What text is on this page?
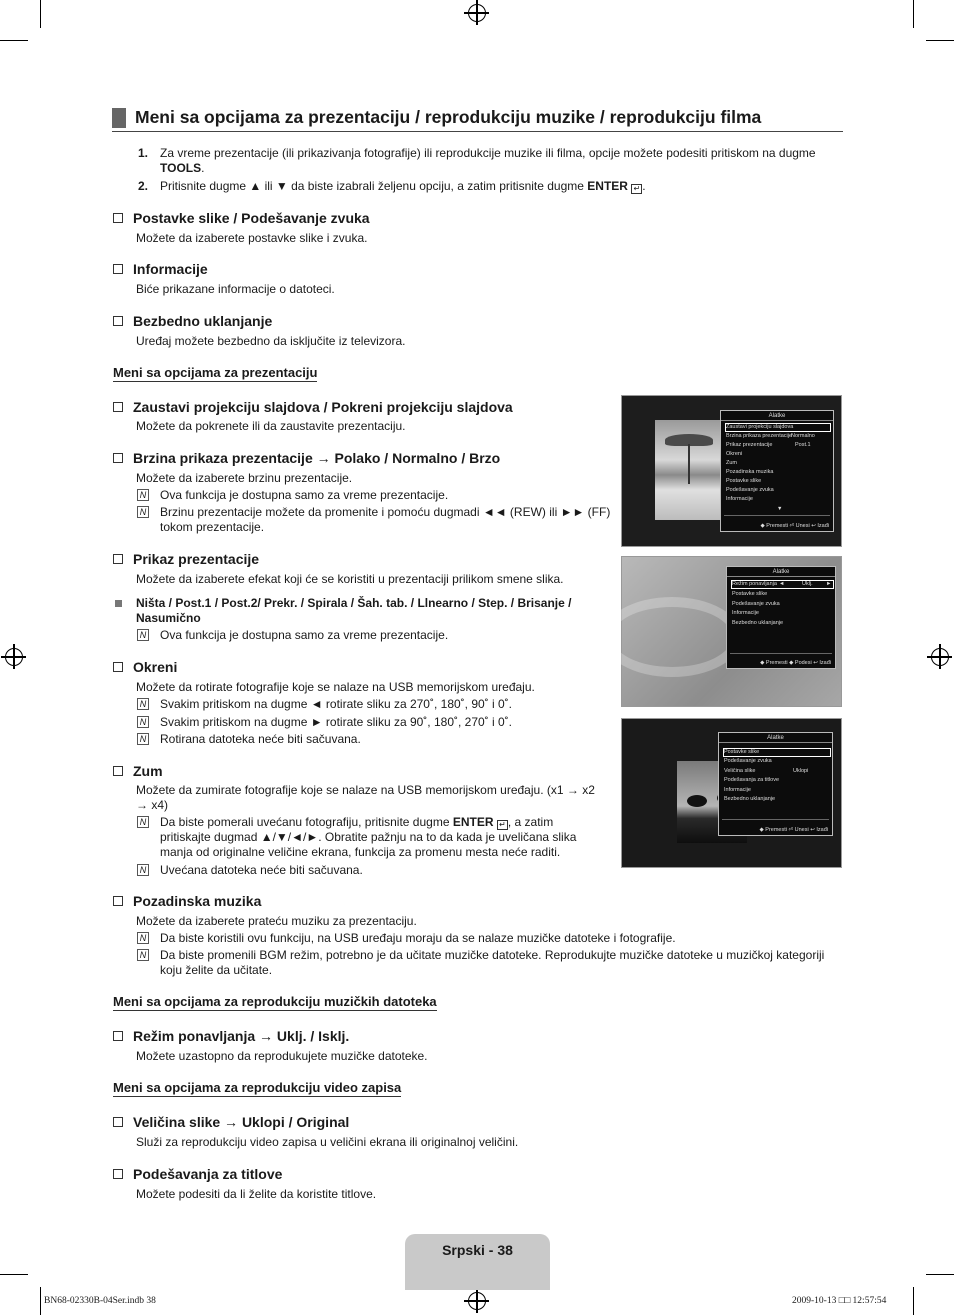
Meni sa opcijama za prezentaciju / reprodukciju muzike / reprodukciju filma
1. Za vreme prezentacije (ili prikazivanja fotografije) ili reprodukcije muzike ili filma, opcije možete podesiti pritiskom na dugme
TOOLS.
2. Pritisnite dugme ▲ ili ▼ da biste izabrali željenu opciju, a zatim pritisnite dugme ENTER ↵ .
Postavke slike / Podešavanje zvuka
Možete da izaberete postavke slike i zvuka.
Informacije
Biće prikazane informacije o datoteci.
Bezbedno uklanjanje
Uređaj možete bezbedno da isključite iz televizora.
Meni sa opcijama za prezentaciju
Zaustavi projekciju slajdova / Pokreni projekciju slajdova
Možete da pokrenete ili da zaustavite prezentaciju.
Brzina prikaza prezentacije → Polako / Normalno / Brzo
Možete da izaberete brzinu prezentacije.
N Ova funkcija je dostupna samo za vreme prezentacije.
N Brzinu prezentacije možete da promenite i pomoću dugmadi ◄◄ (REW) ili ►► (FF)
tokom prezentacije.
Prikaz prezentacije
Možete da izaberete efekat koji će se koristiti u prezentaciji prilikom smene slika.
Ništa / Post.1 / Post.2/ Prekr. / Spirala / Šah. tab. / Llnearno / Step. / Brisanje /
Nasumično
N Ova funkcija je dostupna samo za vreme prezentacije.
Okreni
Možete da rotirate fotografije koje se nalaze na USB memorijskom uređaju.
N Svakim pritiskom na dugme ◄ rotirate sliku za 270˚, 180˚, 90˚ i 0˚.
N Svakim pritiskom na dugme ► rotirate sliku za 90˚, 180˚, 270˚ i 0˚.
N Rotirana datoteka neće biti sačuvana.
Zum
Možete da zumirate fotografije koje se nalaze na USB memorijskom uređaju. (x1 → x2
→ x4)
N Da biste pomerali uvećanu fotografiju, pritisnite dugme ENTER ↵ , a zatim
pritiskajte dugmad ▲/▼/◄/►. Obratite pažnju na to da kada je uveličana slika
manja od originalne veličine ekrana, funkcija za promenu mesta neće raditi.
N Uvećana datoteka neće biti sačuvana.
Pozadinska muzika
Možete da izaberete prateću muziku za prezentaciju.
N Da biste koristili ovu funkciju, na USB uređaju moraju da se nalaze muzičke datoteke i fotografije.
N Da biste promenili BGM režim, potrebno je da učitate muzičke datoteke. Reprodukujte muzičke datoteke u muzičkoj kategoriji
koju želite da učitate.
Meni sa opcijama za reprodukciju muzičkih datoteka
Režim ponavljanja → Uklj. / Isklj.
Možete uzastopno da reprodukujete muzičke datoteke.
Meni sa opcijama za reprodukciju video zapisa
Veličina slike → Uklopi / Original
Služi za reprodukciju video zapisa u veličini ekrana ili originalnoj veličini.
Podešavanja za titlove
Možete podesiti da li želite da koristite titlove.
Alatke
Zaustavi projekciju slajdova
Brzina prikaza prezentacije
Normalno
Prikaz prezentacije	Post.1
Okreni
Zum
Pozadinska muzika
Postavke slike
Podešavanje zvuka
Informacije
▼
◆ Premesti ⏎ Unesi ↩ Izađi
Alatke
Režim ponavljanja ◄	Uklj. ►
Postavke slike
Podešavanje zvuka
Informacije
Bezbedno uklanjanje
◆ Premesti ◆ Podesi ↩ Izađi
Alatke
Postavke slike
Podešavanje zvuka
Veličina slike	Uklopi
Podešavanja za titlove
Informacije
Bezbedno uklanjanje
◆ Premesti ⏎ Unesi ↩ Izađi
Srpski - 38
BN68-02330B-04Ser.indb 38	2009-10-13 □□ 12:57:54
